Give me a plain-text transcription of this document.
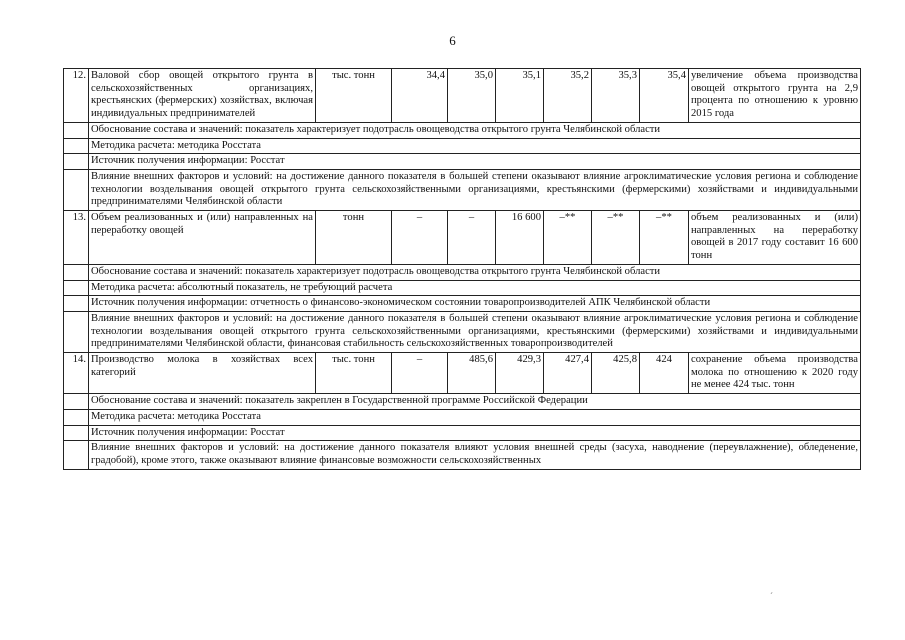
6
12.	Валовой сбор овощей открытого грунта в сельскохозяйственных организациях, крестьянских (фермерских) хозяйствах, включая индивидуальных предпринимателей	тыс. тонн	34,4	35,0	35,1	35,2	35,3	35,4	увеличение объема производства овощей открытого грунта на 2,9 процента по отношению к уровню 2015 года
	Обоснование состава и значений: показатель характеризует подотрасль овощеводства открытого грунта Челябинской области								
	Методика расчета: методика Росстата								
	Источник получения информации: Росстат								
	Влияние внешних факторов и условий: на достижение данного показателя в большей степени оказывают влияние агроклиматические условия региона и соблюдение технологии возделывания овощей открытого грунта сельскохозяйственными организациями, крестьянскими (фермерскими) хозяйствами и индивидуальными предпринимателями Челябинской области								
13.	Объем реализованных и (или) направленных на переработку овощей	тонн	–	–	16 600	–**	–**	–**	объем реализованных и (или) направленных на переработку овощей в 2017 году составит 16 600 тонн
	Обоснование состава и значений: показатель характеризует подотрасль овощеводства открытого грунта Челябинской области								
	Методика расчета: абсолютный показатель, не требующий расчета								
	Источник получения информации: отчетность о финансово-экономическом состоянии товаропроизводителей АПК Челябинской области								
	Влияние внешних факторов и условий: на достижение данного показателя в большей степени оказывают влияние агроклиматические условия региона и соблюдение технологии возделывания овощей открытого грунта сельскохозяйственными организациями, крестьянскими (фермерскими) хозяйствами и индивидуальными предпринимателями Челябинской области, финансовая стабильность сельскохозяйственных товаропроизводителей								
14.	Производство молока в хозяйствах всех категорий	тыс. тонн	–	485,6	429,3	427,4	425,8	424	сохранение объема производства молока по отношению к 2020 году не менее 424 тыс. тонн
	Обоснование состава и значений: показатель закреплен в Государственной программе Российской Федерации								
	Методика расчета: методика Росстата								
	Источник получения информации: Росстат								
	Влияние внешних факторов и условий: на достижение данного показателя влияют условия внешней среды (засуха, наводнение (переувлажнение), обледенение, градобой), кроме этого, также оказывают влияние финансовые возможности сельскохозяйственных								
´
